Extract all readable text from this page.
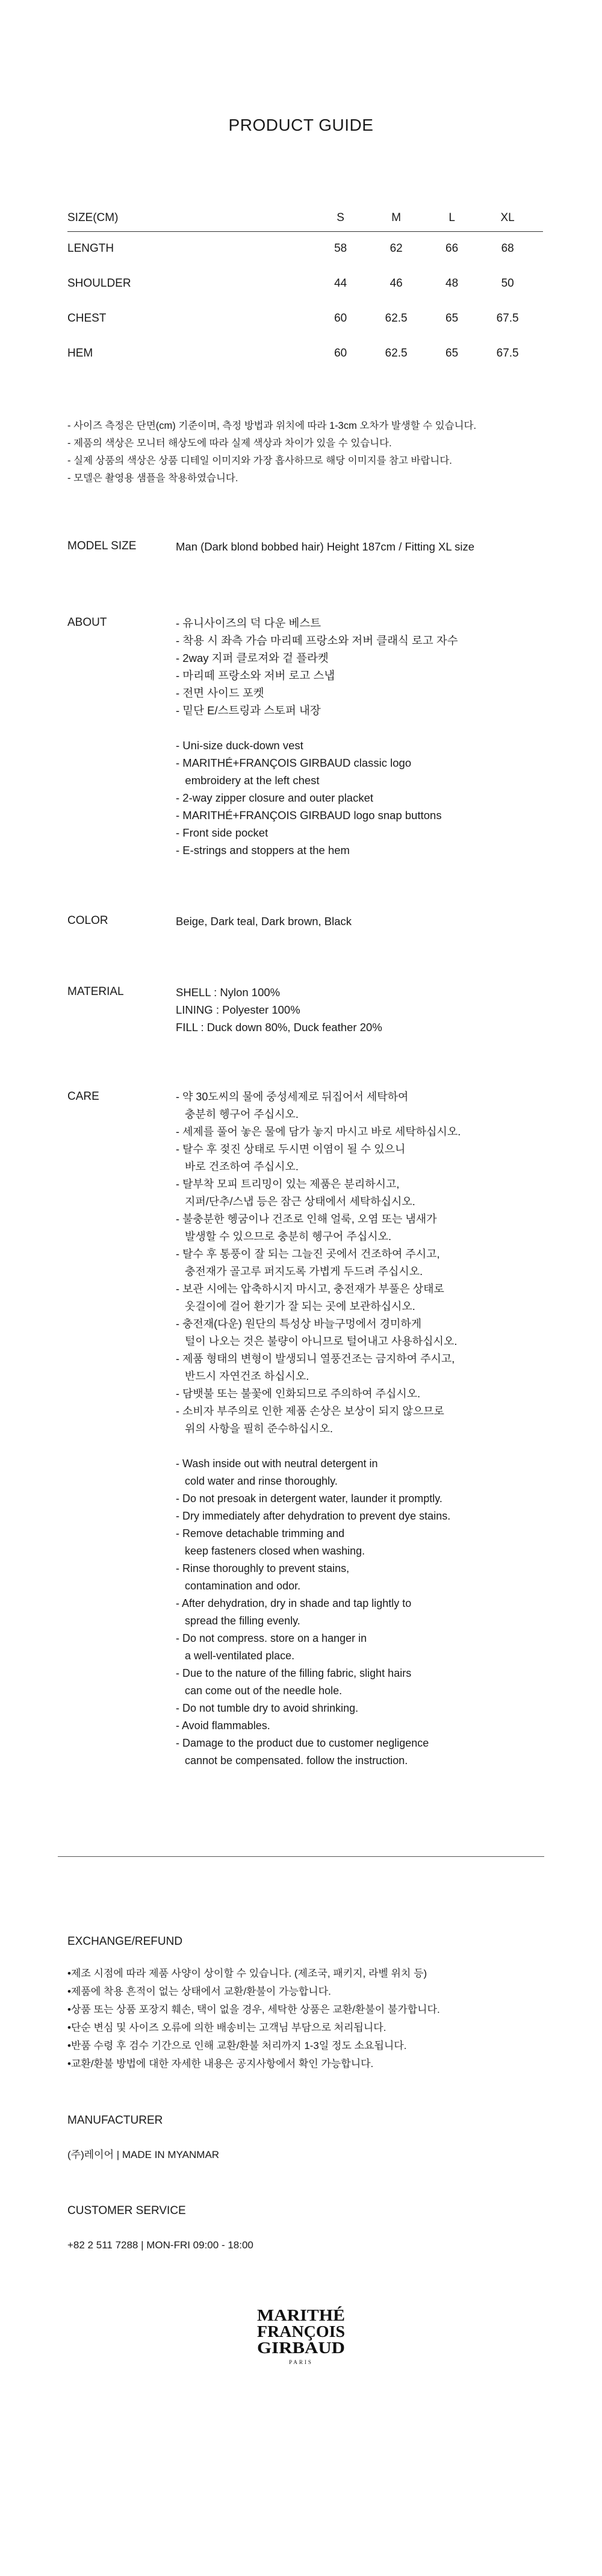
PRODUCT GUIDE
SIZE(CM)	S	M	L	XL
LENGTH	58	62	66	68
SHOULDER	44	46	48	50
CHEST	60	62.5	65	67.5
HEM	60	62.5	65	67.5
- 사이즈 측정은 단면(cm) 기준이며, 측정 방법과 위치에 따라 1-3cm 오차가 발생할 수 있습니다.
- 제품의 색상은 모니터 해상도에 따라 실제 색상과 차이가 있을 수 있습니다.
- 실제 상품의 색상은 상품 디테일 이미지와 가장 흡사하므로 해당 이미지를 참고 바랍니다.
- 모델은 촬영용 샘플을 착용하였습니다.
MODEL SIZE	Man (Dark blond bobbed hair) Height 187cm / Fitting XL size
ABOUT	- 유니사이즈의 덕 다운 베스트
- 착용 시 좌측 가슴 마리떼 프랑소와 저버 클래식 로고 자수
- 2way 지퍼 클로져와 겉 플라켓
- 마리떼 프랑소와 저버 로고 스냅
- 전면 사이드 포켓
- 밑단 E/스트링과 스토퍼 내장

- Uni-size duck-down vest
- MARITHÉ+FRANÇOIS GIRBAUD classic logo
embroidery at the left chest
- 2-way zipper closure and outer placket
- MARITHÉ+FRANÇOIS GIRBAUD logo snap buttons
- Front side pocket
- E-strings and stoppers at the hem
COLOR	Beige, Dark teal, Dark brown, Black
MATERIAL	SHELL : Nylon 100%
LINING : Polyester 100%
FILL : Duck down 80%, Duck feather 20%
CARE	- 약 30도씨의 물에 중성세제로 뒤집어서 세탁하여
충분히 헹구어 주십시오.
- 세제를 풀어 놓은 물에 담가 놓지 마시고 바로 세탁하십시오.
- 탈수 후 젖진 상태로 두시면 이염이 될 수 있으니
바로 건조하여 주십시오.
- 탈부착 모피 트리밍이 있는 제품은 분리하시고,
지퍼/단추/스냅 등은 잠근 상태에서 세탁하십시오.
- 불충분한 헹굼이나 건조로 인해 얼룩, 오염 또는 냄새가
발생할 수 있으므로 충분히 헹구어 주십시오.
- 탈수 후 통풍이 잘 되는 그늘진 곳에서 건조하여 주시고,
충전재가 골고루 퍼지도록 가볍게 두드려 주십시오.
- 보관 시에는 압축하시지 마시고, 충전재가 부풀은 상태로
옷걸이에 걸어 환기가 잘 되는 곳에 보관하십시오.
- 충전재(다운) 원단의 특성상 바늘구멍에서 경미하게
털이 나오는 것은 불량이 아니므로 털어내고 사용하십시오.
- 제품 형태의 변형이 발생되니 열풍건조는 금지하여 주시고,
반드시 자연건조 하십시오.
- 담뱃불 또는 불꽃에 인화되므로 주의하여 주십시오.
- 소비자 부주의로 인한 제품 손상은 보상이 되지 않으므로
위의 사항을 필히 준수하십시오.

- Wash inside out with neutral detergent in
cold water and rinse thoroughly.
- Do not presoak in detergent water, launder it promptly.
- Dry immediately after dehydration to prevent dye stains.
- Remove detachable trimming and
keep fasteners closed when washing.
- Rinse thoroughly to prevent stains,
contamination and odor.
- After dehydration, dry in shade and tap lightly to
spread the filling evenly.
- Do not compress. store on a hanger in
a well-ventilated place.
- Due to the nature of the filling fabric, slight hairs
can come out of the needle hole.
- Do not tumble dry to avoid shrinking.
- Avoid flammables.
- Damage to the product due to customer negligence
cannot be compensated. follow the instruction.
EXCHANGE/REFUND
•제조 시점에 따라 제품 사양이 상이할 수 있습니다. (제조국, 패키지, 라벨 위치 등)
•제품에 착용 흔적이 없는 상태에서 교환/환불이 가능합니다.
•상품 또는 상품 포장지 훼손, 택이 없을 경우, 세탁한 상품은 교환/환불이 불가합니다.
•단순 변심 및 사이즈 오류에 의한 배송비는 고객님 부담으로 처리됩니다.
•반품 수령 후 검수 기간으로 인해 교환/환불 처리까지 1-3일 정도 소요됩니다.
•교환/환불 방법에 대한 자세한 내용은 공지사항에서 확인 가능합니다.
MANUFACTURER
(주)레이어 | MADE IN MYANMAR
CUSTOMER SERVICE
+82 2 511 7288 | MON-FRI 09:00 - 18:00
MARITHÉ
FRANÇOIS
GIRBAUD
PARIS
